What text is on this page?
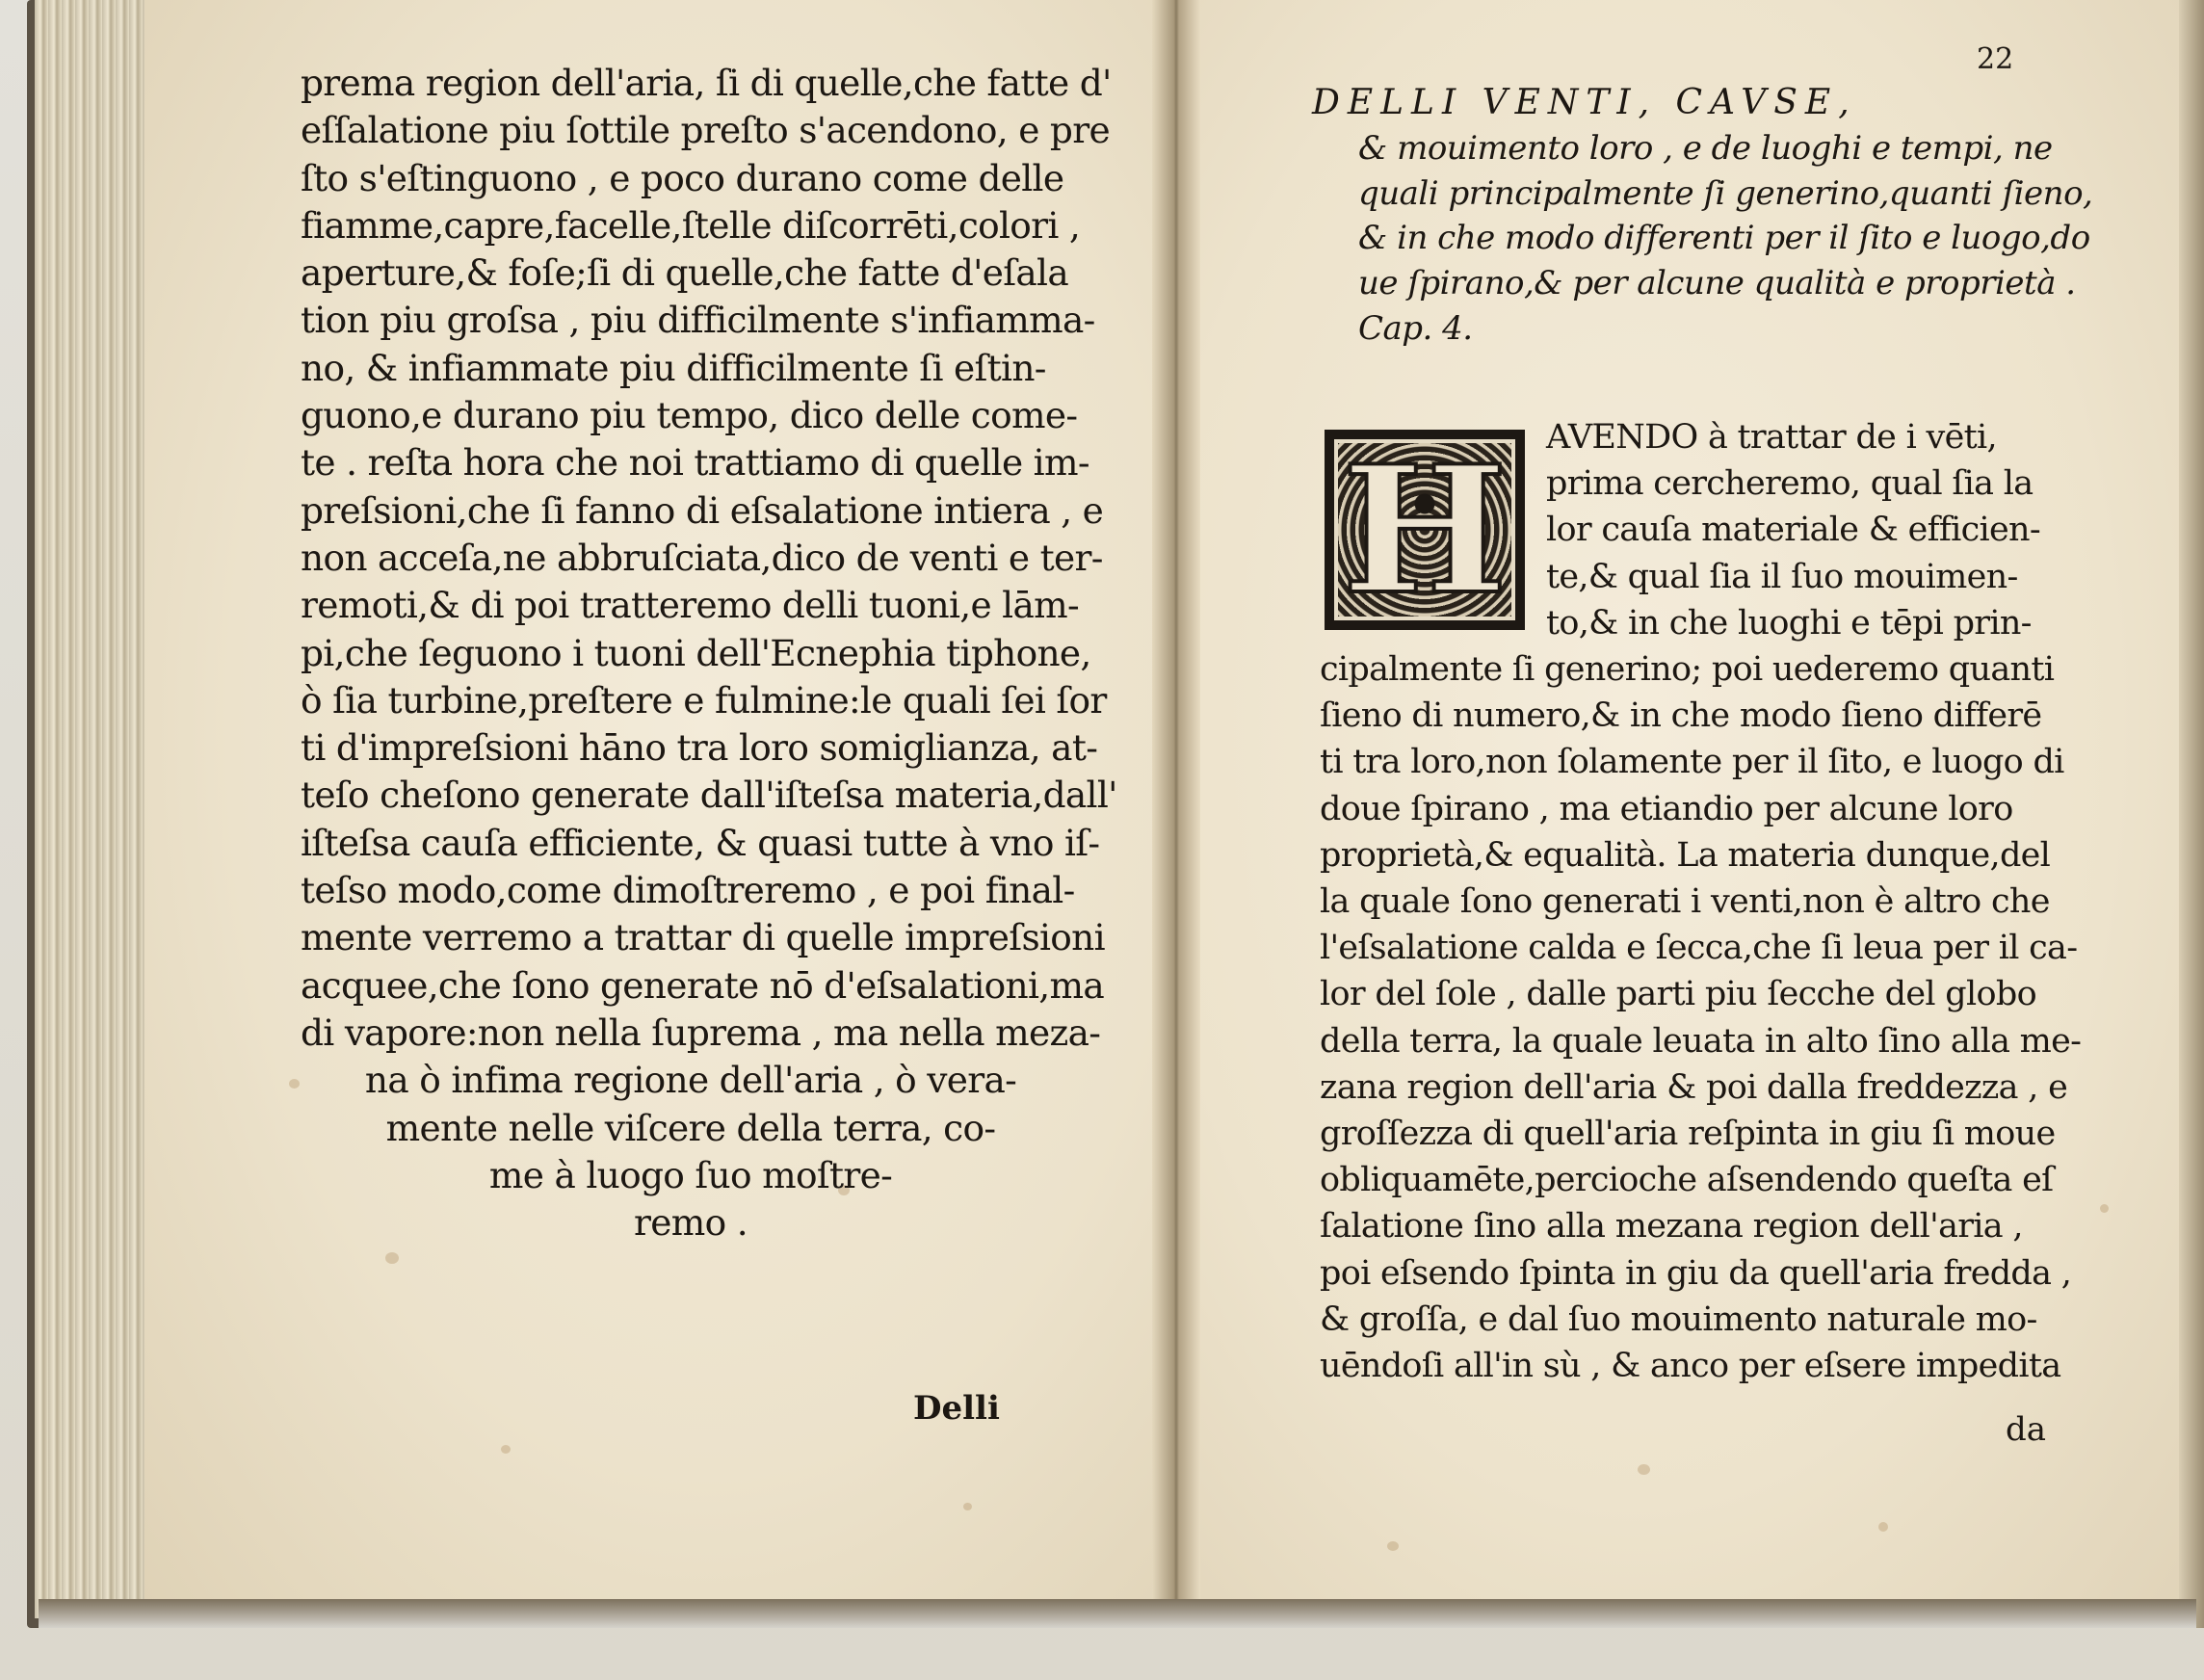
prema region dell'aria, ſi di quelle,che fatte d'
eſſalatione piu ſottile preſto s'acendono, e pre
ſto s'eſtinguono , e poco durano come delle
fiamme,capre,facelle,ſtelle diſcorrēti,colori ,
aperture,& foſe;ſi di quelle,che fatte d'eſala
tion piu groſsa , piu difficilmente s'infiamma-
no, & infiammate piu difficilmente ſi eſtin-
guono,e durano piu tempo, dico delle come-
te . reſta hora che noi trattiamo di quelle im-
preſsioni,che ſi fanno di eſsalatione intiera , e
non acceſa,ne abbruſciata,dico de venti e ter-
remoti,& di poi tratteremo delli tuoni,e lām-
pi,che ſeguono i tuoni dell'Ecnephia tiphone,
ò ſia turbine,preſtere e fulmine:le quali ſei ſor
ti d'impreſsioni hāno tra loro somiglianza, at-
teſo cheſono generate dall'iſteſsa materia,dall'
iſteſsa cauſa efficiente, & quasi tutte à vno iſ-
teſso modo,come dimoſtreremo , e poi final-
mente verremo a trattar di quelle impreſsioni
acquee,che ſono generate nō d'eſsalationi,ma
di vapore:non nella ſuprema , ma nella meza-
na ò infima regione dell'aria , ò vera-
mente nelle viſcere della terra, co-
me à luogo ſuo moſtre-
remo .
Delli
22
DELLI VENTI, CAVSE,
& mouimento loro , e de luoghi e tempi, ne
quali principalmente ſi generino,quanti ſieno,
& in che modo differenti per il ſito e luogo,do
ue ſpirano,& per alcune qualità e proprietà .
Cap. 4.
H	AVENDO à trattar de i vēti,
prima cercheremo, qual ſia la
lor cauſa materiale & efficien-
te,& qual ſia il ſuo mouimen-
to,& in che luoghi e tēpi prin-
cipalmente ſi generino; poi uederemo quanti
ſieno di numero,& in che modo ſieno differē
ti tra loro,non ſolamente per il ſito, e luogo di
doue ſpirano , ma etiandio per alcune loro
proprietà,& equalità. La materia dunque,del
la quale ſono generati i venti,non è altro che
l'eſsalatione calda e ſecca,che ſi leua per il ca-
lor del ſole , dalle parti piu ſecche del globo
della terra, la quale leuata in alto ſino alla me-
zana region dell'aria & poi dalla freddezza , e
groſſezza di quell'aria reſpinta in giu ſi moue
obliquamēte,percioche aſsendendo queſta eſ
ſalatione ſino alla mezana region dell'aria ,
poi eſsendo ſpinta in giu da quell'aria fredda ,
& groſſa, e dal ſuo mouimento naturale mo-
uēndoſi all'in sù , & anco per eſsere impedita
da
